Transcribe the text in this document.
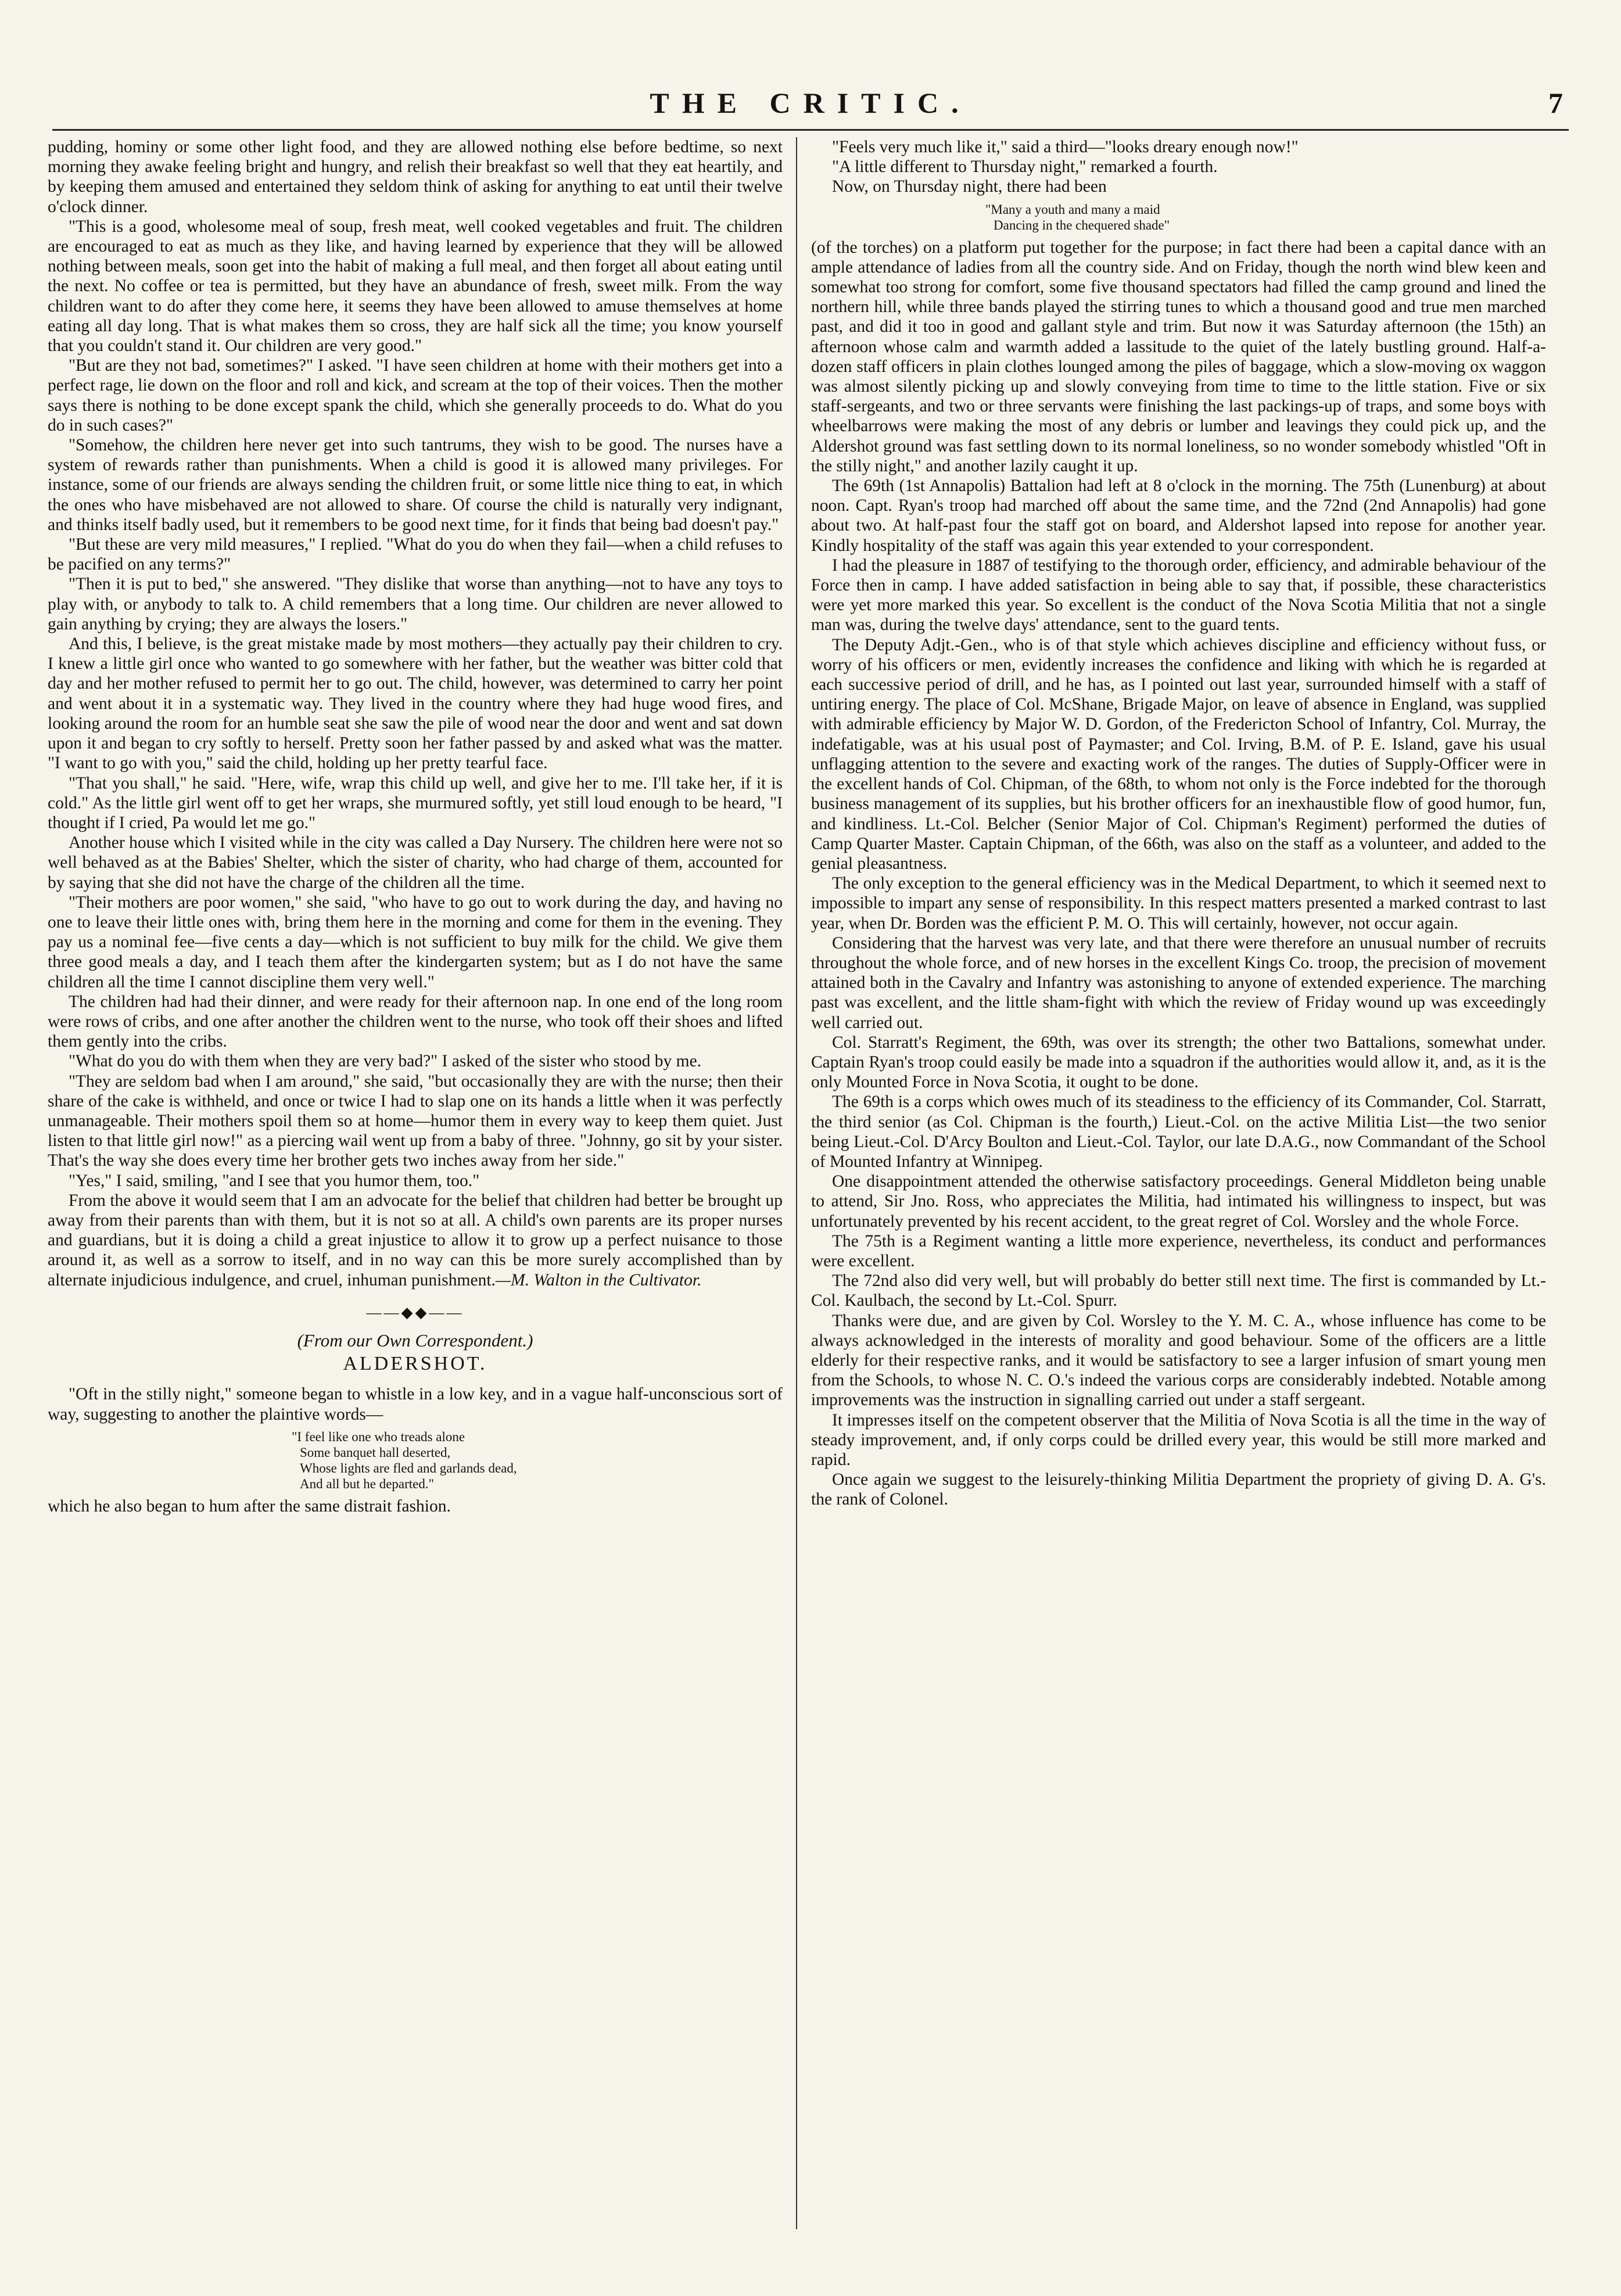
THE CRITIC.	7

pudding, hominy or some other light food, and they are allowed nothing else before bedtime, so next morning they awake feeling bright and hungry, and relish their breakfast so well that they eat heartily, and by keeping them amused and entertained they seldom think of asking for anything to eat until their twelve o'clock dinner.

"This is a good, wholesome meal of soup, fresh meat, well cooked vegetables and fruit. The children are encouraged to eat as much as they like, and having learned by experience that they will be allowed nothing between meals, soon get into the habit of making a full meal, and then forget all about eating until the next. No coffee or tea is permitted, but they have an abundance of fresh, sweet milk. From the way children want to do after they come here, it seems they have been allowed to amuse themselves at home eating all day long. That is what makes them so cross, they are half sick all the time; you know yourself that you couldn't stand it. Our children are very good."

"But are they not bad, sometimes?" I asked. "I have seen children at home with their mothers get into a perfect rage, lie down on the floor and roll and kick, and scream at the top of their voices. Then the mother says there is nothing to be done except spank the child, which she generally proceeds to do. What do you do in such cases?"

"Somehow, the children here never get into such tantrums, they wish to be good. The nurses have a system of rewards rather than punishments. When a child is good it is allowed many privileges. For instance, some of our friends are always sending the children fruit, or some little nice thing to eat, in which the ones who have misbehaved are not allowed to share. Of course the child is naturally very indignant, and thinks itself badly used, but it remembers to be good next time, for it finds that being bad doesn't pay."

"But these are very mild measures," I replied. "What do you do when they fail—when a child refuses to be pacified on any terms?"

"Then it is put to bed," she answered. "They dislike that worse than anything—not to have any toys to play with, or anybody to talk to. A child remembers that a long time. Our children are never allowed to gain anything by crying; they are always the losers."

And this, I believe, is the great mistake made by most mothers—they actually pay their children to cry. I knew a little girl once who wanted to go somewhere with her father, but the weather was bitter cold that day and her mother refused to permit her to go out. The child, however, was determined to carry her point and went about it in a systematic way. They lived in the country where they had huge wood fires, and looking around the room for an humble seat she saw the pile of wood near the door and went and sat down upon it and began to cry softly to herself. Pretty soon her father passed by and asked what was the matter. "I want to go with you," said the child, holding up her pretty tearful face.

"That you shall," he said. "Here, wife, wrap this child up well, and give her to me. I'll take her, if it is cold." As the little girl went off to get her wraps, she murmured softly, yet still loud enough to be heard, "I thought if I cried, Pa would let me go."

Another house which I visited while in the city was called a Day Nursery. The children here were not so well behaved as at the Babies' Shelter, which the sister of charity, who had charge of them, accounted for by saying that she did not have the charge of the children all the time.

"Their mothers are poor women," she said, "who have to go out to work during the day, and having no one to leave their little ones with, bring them here in the morning and come for them in the evening. They pay us a nominal fee—five cents a day—which is not sufficient to buy milk for the child. We give them three good meals a day, and I teach them after the kindergarten system; but as I do not have the same children all the time I cannot discipline them very well."

The children had had their dinner, and were ready for their afternoon nap. In one end of the long room were rows of cribs, and one after another the children went to the nurse, who took off their shoes and lifted them gently into the cribs.

"What do you do with them when they are very bad?" I asked of the sister who stood by me.

"They are seldom bad when I am around," she said, "but occasionally they are with the nurse; then their share of the cake is withheld, and once or twice I had to slap one on its hands a little when it was perfectly unmanageable. Their mothers spoil them so at home—humor them in every way to keep them quiet. Just listen to that little girl now!" as a piercing wail went up from a baby of three. "Johnny, go sit by your sister. That's the way she does every time her brother gets two inches away from her side."

"Yes," I said, smiling, "and I see that you humor them, too."

From the above it would seem that I am an advocate for the belief that children had better be brought up away from their parents than with them, but it is not so at all. A child's own parents are its proper nurses and guardians, but it is doing a child a great injustice to allow it to grow up a perfect nuisance to those around it, as well as a sorrow to itself, and in no way can this be more surely accomplished than by alternate injudicious indulgence, and cruel, inhuman punishment.—M. Walton in the Cultivator.

——◆◆——
(From our Own Correspondent.)
ALDERSHOT.

"Oft in the stilly night," someone began to whistle in a low key, and in a vague half-unconscious sort of way, suggesting to another the plaintive words—

"I feel like one who treads alone
Some banquet hall deserted,
Whose lights are fled and garlands dead,
And all but he departed."

which he also began to hum after the same distrait fashion.

"Feels very much like it," said a third—"looks dreary enough now!"

"A little different to Thursday night," remarked a fourth.

Now, on Thursday night, there had been

"Many a youth and many a maid
Dancing in the chequered shade"

(of the torches) on a platform put together for the purpose; in fact there had been a capital dance with an ample attendance of ladies from all the country side. And on Friday, though the north wind blew keen and somewhat too strong for comfort, some five thousand spectators had filled the camp ground and lined the northern hill, while three bands played the stirring tunes to which a thousand good and true men marched past, and did it too in good and gallant style and trim. But now it was Saturday afternoon (the 15th) an afternoon whose calm and warmth added a lassitude to the quiet of the lately bustling ground. Half-a-dozen staff officers in plain clothes lounged among the piles of baggage, which a slow-moving ox waggon was almost silently picking up and slowly conveying from time to time to the little station. Five or six staff-sergeants, and two or three servants were finishing the last packings-up of traps, and some boys with wheelbarrows were making the most of any debris or lumber and leavings they could pick up, and the Aldershot ground was fast settling down to its normal loneliness, so no wonder somebody whistled "Oft in the stilly night," and another lazily caught it up.

The 69th (1st Annapolis) Battalion had left at 8 o'clock in the morning. The 75th (Lunenburg) at about noon. Capt. Ryan's troop had marched off about the same time, and the 72nd (2nd Annapolis) had gone about two. At half-past four the staff got on board, and Aldershot lapsed into repose for another year. Kindly hospitality of the staff was again this year extended to your correspondent.

I had the pleasure in 1887 of testifying to the thorough order, efficiency, and admirable behaviour of the Force then in camp. I have added satisfaction in being able to say that, if possible, these characteristics were yet more marked this year. So excellent is the conduct of the Nova Scotia Militia that not a single man was, during the twelve days' attendance, sent to the guard tents.

The Deputy Adjt.-Gen., who is of that style which achieves discipline and efficiency without fuss, or worry of his officers or men, evidently increases the confidence and liking with which he is regarded at each successive period of drill, and he has, as I pointed out last year, surrounded himself with a staff of untiring energy. The place of Col. McShane, Brigade Major, on leave of absence in England, was supplied with admirable efficiency by Major W. D. Gordon, of the Fredericton School of Infantry, Col. Murray, the indefatigable, was at his usual post of Paymaster; and Col. Irving, B.M. of P. E. Island, gave his usual unflagging attention to the severe and exacting work of the ranges. The duties of Supply-Officer were in the excellent hands of Col. Chipman, of the 68th, to whom not only is the Force indebted for the thorough business management of its supplies, but his brother officers for an inexhaustible flow of good humor, fun, and kindliness. Lt.-Col. Belcher (Senior Major of Col. Chipman's Regiment) performed the duties of Camp Quarter Master. Captain Chipman, of the 66th, was also on the staff as a volunteer, and added to the genial pleasantness.

The only exception to the general efficiency was in the Medical Department, to which it seemed next to impossible to impart any sense of responsibility. In this respect matters presented a marked contrast to last year, when Dr. Borden was the efficient P. M. O. This will certainly, however, not occur again.

Considering that the harvest was very late, and that there were therefore an unusual number of recruits throughout the whole force, and of new horses in the excellent Kings Co. troop, the precision of movement attained both in the Cavalry and Infantry was astonishing to anyone of extended experience. The marching past was excellent, and the little sham-fight with which the review of Friday wound up was exceedingly well carried out.

Col. Starratt's Regiment, the 69th, was over its strength; the other two Battalions, somewhat under. Captain Ryan's troop could easily be made into a squadron if the authorities would allow it, and, as it is the only Mounted Force in Nova Scotia, it ought to be done.

The 69th is a corps which owes much of its steadiness to the efficiency of its Commander, Col. Starratt, the third senior (as Col. Chipman is the fourth,) Lieut.-Col. on the active Militia List—the two senior being Lieut.-Col. D'Arcy Boulton and Lieut.-Col. Taylor, our late D.A.G., now Commandant of the School of Mounted Infantry at Winnipeg.

One disappointment attended the otherwise satisfactory proceedings. General Middleton being unable to attend, Sir Jno. Ross, who appreciates the Militia, had intimated his willingness to inspect, but was unfortunately prevented by his recent accident, to the great regret of Col. Worsley and the whole Force.

The 75th is a Regiment wanting a little more experience, nevertheless, its conduct and performances were excellent.

The 72nd also did very well, but will probably do better still next time. The first is commanded by Lt.-Col. Kaulbach, the second by Lt.-Col. Spurr.

Thanks were due, and are given by Col. Worsley to the Y. M. C. A., whose influence has come to be always acknowledged in the interests of morality and good behaviour. Some of the officers are a little elderly for their respective ranks, and it would be satisfactory to see a larger infusion of smart young men from the Schools, to whose N. C. O.'s indeed the various corps are considerably indebted. Notable among improvements was the instruction in signalling carried out under a staff sergeant.

It impresses itself on the competent observer that the Militia of Nova Scotia is all the time in the way of steady improvement, and, if only corps could be drilled every year, this would be still more marked and rapid.

Once again we suggest to the leisurely-thinking Militia Department the propriety of giving D. A. G's. the rank of Colonel.
